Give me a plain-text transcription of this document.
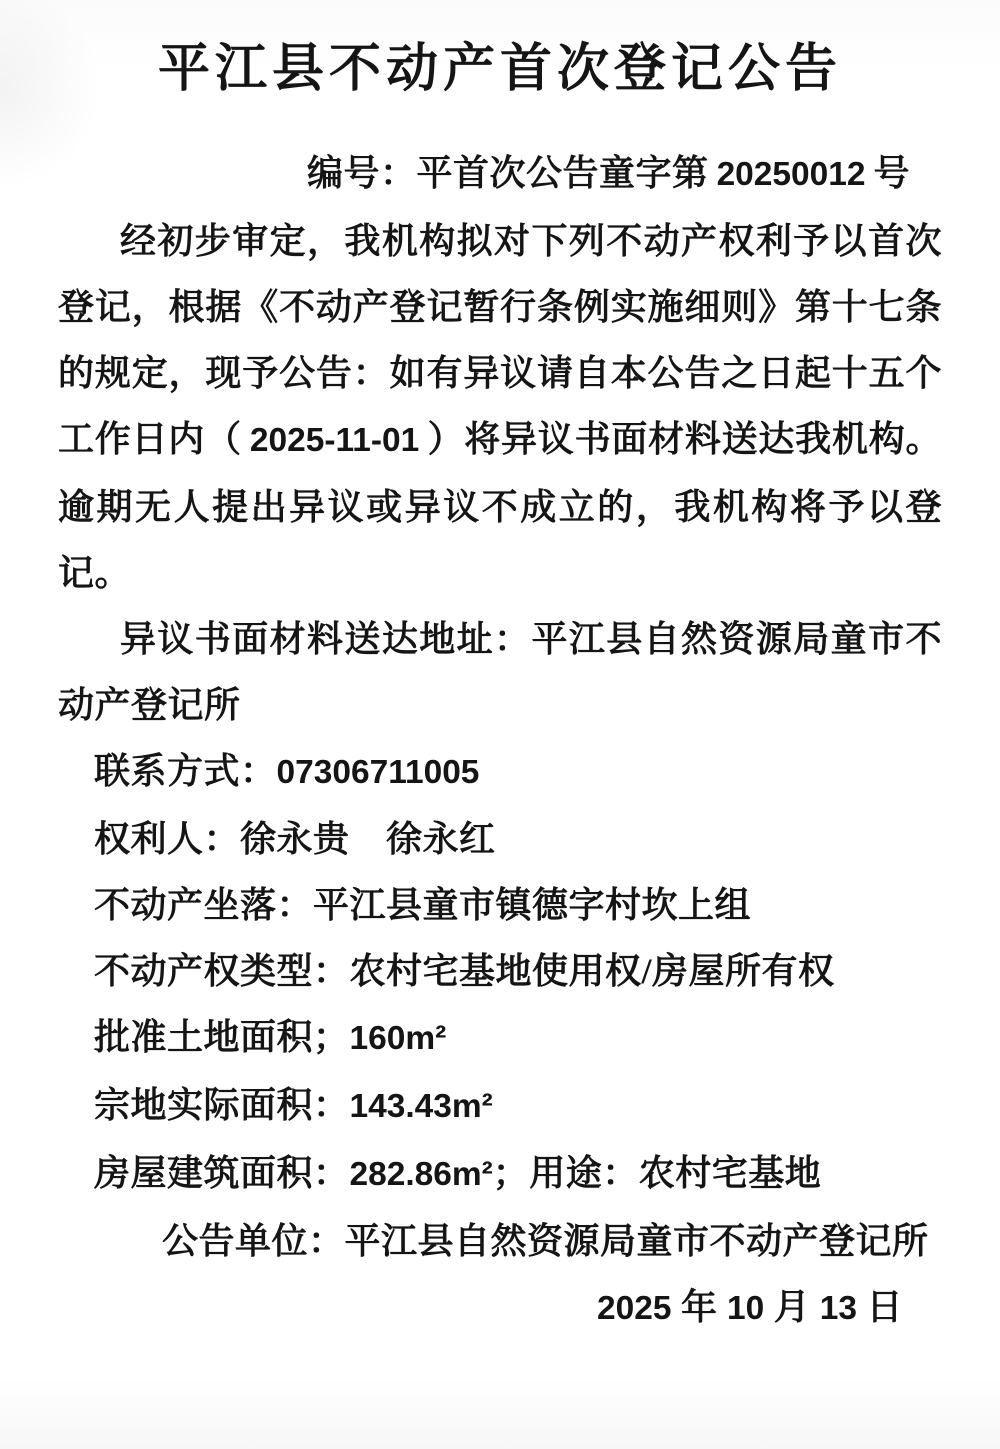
平江县不动产首次登记公告
编号：平首次公告童字第 20250012 号
经初步审定，我机构拟对下列不动产权利予以首次
登记，根据《不动产登记暂行条例实施细则》第十七条
的规定，现予公告：如有异议请自本公告之日起十五个
工作日内（ 2025-11-01 ）将异议书面材料送达我机构。
逾期无人提出异议或异议不成立的，我机构将予以登
记。
异议书面材料送达地址：平江县自然资源局童市不
动产登记所
联系方式：07306711005
权利人：徐永贵　徐永红
不动产坐落：平江县童市镇德字村坎上组
不动产权类型：农村宅基地使用权/房屋所有权
批准土地面积；160m²
宗地实际面积：143.43m²
房屋建筑面积：282.86m²；用途：农村宅基地
公告单位：平江县自然资源局童市不动产登记所
2025 年 10 月 13 日
